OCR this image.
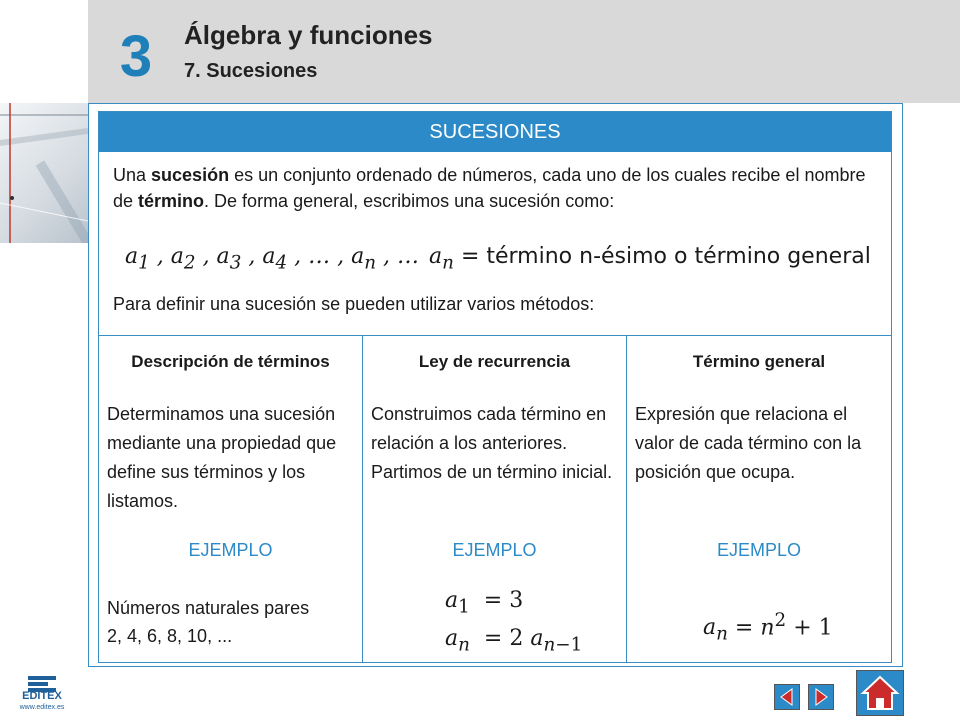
3	Álgebra y funciones
7. Sucesiones
SUCESIONES
Una sucesión es un conjunto ordenado de números, cada uno de los cuales recibe el nombre de término. De forma general, escribimos una sucesión como:
$a_1$ , $a_2$ , $a_3$ , $a_4$ , … , $a_n$ , … $a_n$ = término n-ésimo o término general
Para definir una sucesión se pueden utilizar varios métodos:
Descripción de términos
Determinamos una sucesión mediante una propiedad que define sus términos y los listamos.
EJEMPLO
Números naturales pares
2, 4, 6, 8, 10, ...
Ley de recurrencia
Construimos cada término en relación a los anteriores. Partimos de un término inicial.
EJEMPLO
$a_1 = 3$
$a_n = 2$ $a_{n-1}$
Término general
Expresión que relaciona el valor de cada término con la posición que ocupa.
EJEMPLO
$a_n = n^2 + 1$
EDITEX
www.editex.es
